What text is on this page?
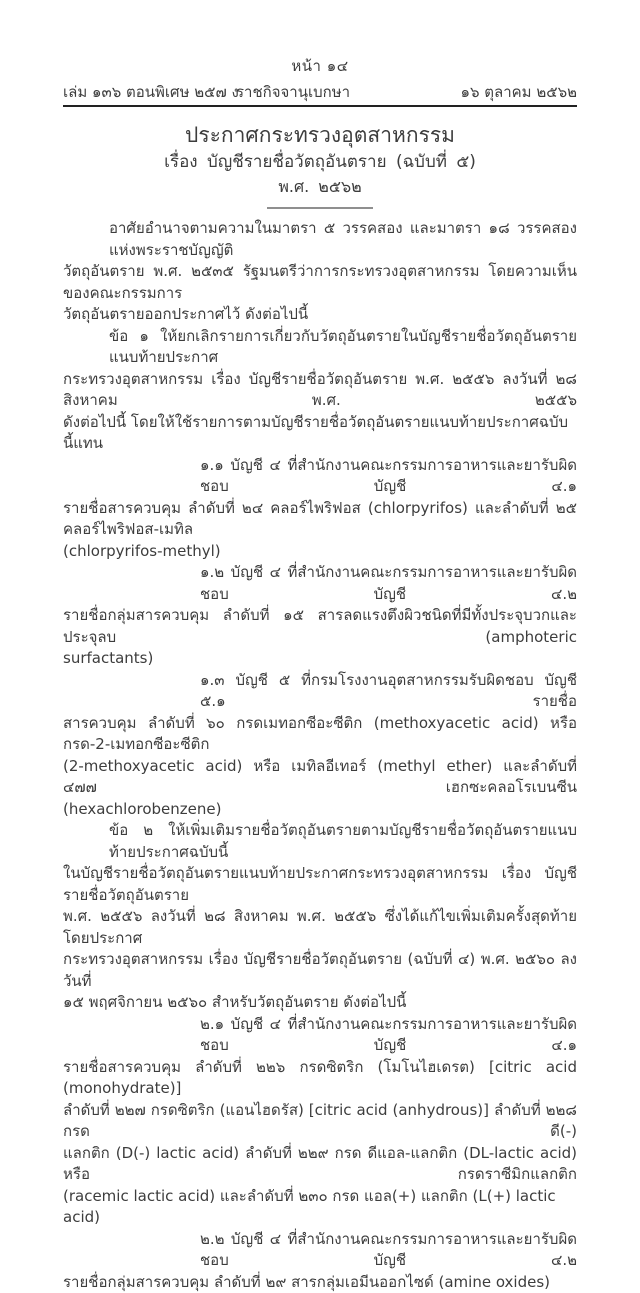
หน้า ๑๔
เล่ม ๑๓๖ ตอนพิเศษ ๒๕๗ ง
ราชกิจจานุเบกษา	๑๖ ตุลาคม ๒๕๖๒
ประกาศกระทรวงอุตสาหกรรม
เรื่อง บัญชีรายชื่อวัตถุอันตราย (ฉบับที่ ๕)
พ.ศ. ๒๕๖๒
อาศัยอำนาจตามความในมาตรา ๕ วรรคสอง และมาตรา ๑๘ วรรคสอง แห่งพระราชบัญญัติ
วัตถุอันตราย พ.ศ. ๒๕๓๕ รัฐมนตรีว่าการกระทรวงอุตสาหกรรม โดยความเห็นของคณะกรรมการ
วัตถุอันตรายออกประกาศไว้ ดังต่อไปนี้
ข้อ ๑ ให้ยกเลิกรายการเกี่ยวกับวัตถุอันตรายในบัญชีรายชื่อวัตถุอันตรายแนบท้ายประกาศ
กระทรวงอุตสาหกรรม เรื่อง บัญชีรายชื่อวัตถุอันตราย พ.ศ. ๒๕๕๖ ลงวันที่ ๒๘ สิงหาคม พ.ศ. ๒๕๕๖
ดังต่อไปนี้ โดยให้ใช้รายการตามบัญชีรายชื่อวัตถุอันตรายแนบท้ายประกาศฉบับนี้แทน
๑.๑ บัญชี ๔ ที่สำนักงานคณะกรรมการอาหารและยารับผิดชอบ บัญชี ๔.๑
รายชื่อสารควบคุม ลำดับที่ ๒๔ คลอร์ไพริฟอส (chlorpyrifos) และลำดับที่ ๒๕ คลอร์ไพริฟอส-เมทิล
(chlorpyrifos-methyl)
๑.๒ บัญชี ๔ ที่สำนักงานคณะกรรมการอาหารและยารับผิดชอบ บัญชี ๔.๒
รายชื่อกลุ่มสารควบคุม ลำดับที่ ๑๕ สารลดแรงตึงผิวชนิดที่มีทั้งประจุบวกและประจุลบ (amphoteric
surfactants)
๑.๓ บัญชี ๕ ที่กรมโรงงานอุตสาหกรรมรับผิดชอบ บัญชี ๕.๑ รายชื่อ
สารควบคุม ลำดับที่ ๖๐ กรดเมทอกซีอะซีติก (methoxyacetic acid) หรือ กรด-2-เมทอกซีอะซีติก
(2-methoxyacetic acid) หรือ เมทิลอีเทอร์ (methyl ether) และลำดับที่ ๔๗๗ เฮกซะคลอโรเบนซีน
(hexachlorobenzene)
ข้อ ๒ ให้เพิ่มเติมรายชื่อวัตถุอันตรายตามบัญชีรายชื่อวัตถุอันตรายแนบท้ายประกาศฉบับนี้
ในบัญชีรายชื่อวัตถุอันตรายแนบท้ายประกาศกระทรวงอุตสาหกรรม เรื่อง บัญชีรายชื่อวัตถุอันตราย
พ.ศ. ๒๕๕๖ ลงวันที่ ๒๘ สิงหาคม พ.ศ. ๒๕๕๖ ซึ่งได้แก้ไขเพิ่มเติมครั้งสุดท้ายโดยประกาศ
กระทรวงอุตสาหกรรม เรื่อง บัญชีรายชื่อวัตถุอันตราย (ฉบับที่ ๔) พ.ศ. ๒๕๖๐ ลงวันที่
๑๕ พฤศจิกายน ๒๕๖๐ สำหรับวัตถุอันตราย ดังต่อไปนี้
๒.๑ บัญชี ๔ ที่สำนักงานคณะกรรมการอาหารและยารับผิดชอบ บัญชี ๔.๑
รายชื่อสารควบคุม ลำดับที่ ๒๒๖ กรดซิตริก (โมโนไฮเดรต) [citric acid (monohydrate)]
ลำดับที่ ๒๒๗ กรดซิตริก (แอนไฮดรัส) [citric acid (anhydrous)] ลำดับที่ ๒๒๘ กรด ดี(-)
แลกติก (D(-) lactic acid) ลำดับที่ ๒๒๙ กรด ดีแอล-แลกติก (DL-lactic acid) หรือ กรดราซีมิกแลกติก
(racemic lactic acid) และลำดับที่ ๒๓๐ กรด แอล(+) แลกติก (L(+) lactic acid)
๒.๒ บัญชี ๔ ที่สำนักงานคณะกรรมการอาหารและยารับผิดชอบ บัญชี ๔.๒
รายชื่อกลุ่มสารควบคุม ลำดับที่ ๒๙ สารกลุ่มเอมีนออกไซด์ (amine oxides)
